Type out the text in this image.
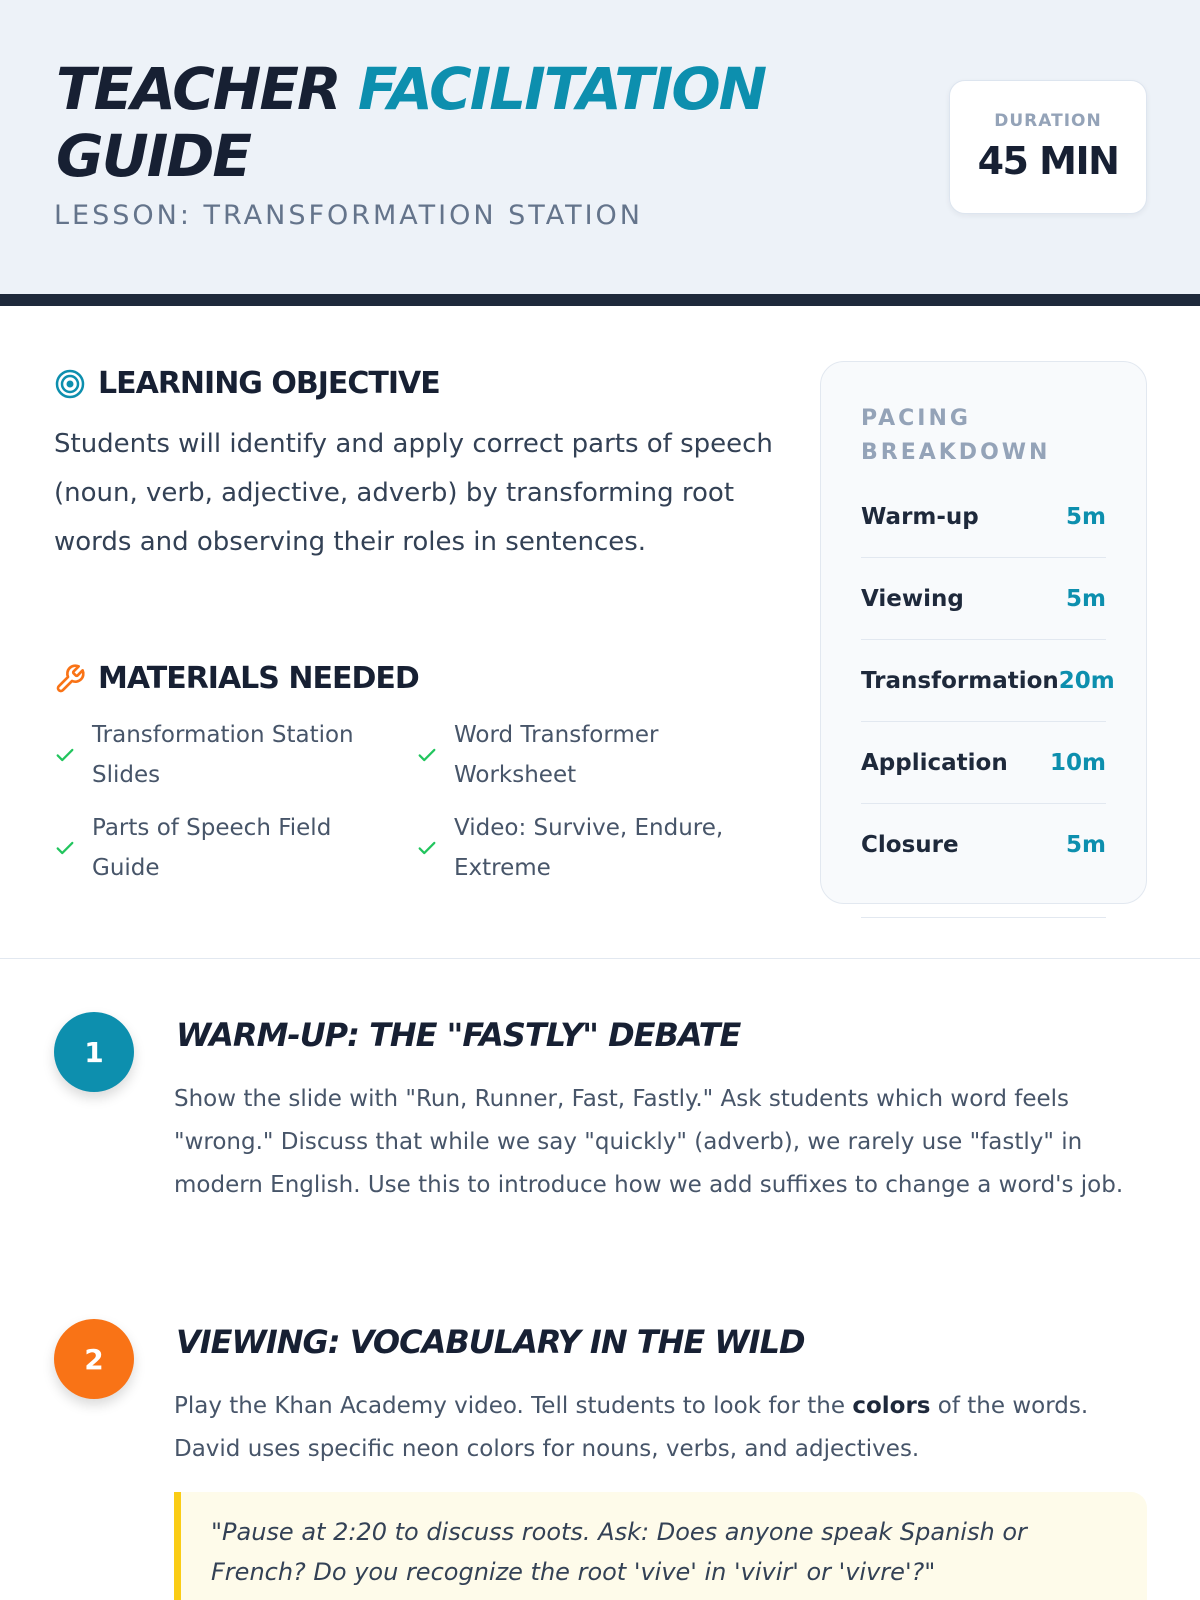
TEACHER FACILITATION
GUIDE
LESSON: TRANSFORMATION STATION
DURATION
45 MIN
LEARNING OBJECTIVE
Students will identify and apply correct parts of speech (noun, verb, adjective, adverb) by transforming root words and observing their roles in sentences.
MATERIALS NEEDED
Transformation Station Slides
Word Transformer Worksheet
Parts of Speech Field Guide
Video: Survive, Endure, Extreme
PACING BREAKDOWN
Warm-up	5m
Viewing	5m
Transformation 20m
Application 10m
Closure	5m
1	WARM-UP: THE "FASTLY" DEBATE
Show the slide with "Run, Runner, Fast, Fastly." Ask students which word feels "wrong." Discuss that while we say "quickly" (adverb), we rarely use "fastly" in modern English. Use this to introduce how we add suffixes to change a word's job.
2	VIEWING: VOCABULARY IN THE WILD
Play the Khan Academy video. Tell students to look for the colors of the words. David uses specific neon colors for nouns, verbs, and adjectives.
"Pause at 2:20 to discuss roots. Ask: Does anyone speak Spanish or French? Do you recognize the root 'vive' in 'vivir' or 'vivre'?"
